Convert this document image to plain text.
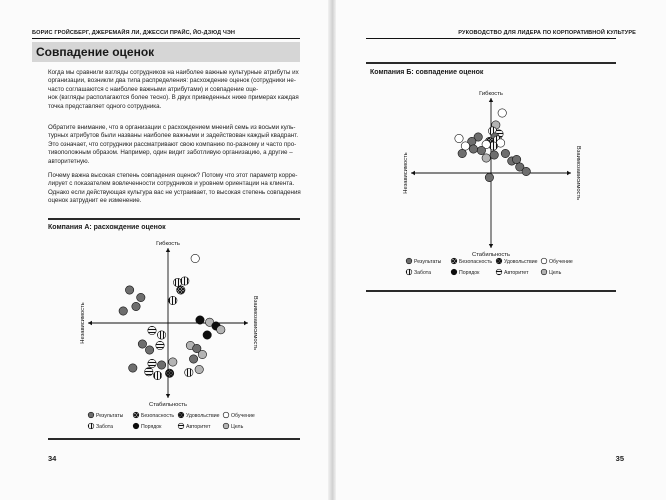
БОРИС ГРОЙСБЕРГ, ДЖЕРЕМАЙЯ ЛИ, ДЖЕССИ ПРАЙС, ЙО-ДЗЮД ЧЭН
Совпадение оценок
Когда мы сравнили взгляды сотрудников на наиболее важные культурные атрибуты их
организации, возникли два типа распределения: расхождение оценок (сотрудники не-
часто соглашаются с наиболее важными атрибутами) и совпадение оце-
нок (взгляды располагаются более тесно). В двух приведенных ниже примерах каждая
точка представляет одного сотрудника.
Обратите внимание, что в организации с расхождением мнений семь из восьми куль-
турных атрибутов были названы наиболее важными и задействован каждый квадрант.
Это означает, что сотрудники рассматривают свою компанию по-разному и часто про-
тивоположным образом. Например, один видит заботливую организацию, а другие –
авторитетную.
Почему важна высокая степень совпадения оценок? Потому что этот параметр корре-
лирует с показателем вовлеченности сотрудников и уровнем ориентации на клиента.
Однако если действующая культура вас не устраивает, то высокая степень совпадения
оценок затруднит ее изменение.
Компания А: расхождение оценок
Гибкость
Стабильность
Независимость	Взаимозависимость
Результаты	Безопасность Удовольствие Обучение
Забота	Порядок	Авторитет	Цель
34
РУКОВОДСТВО ДЛЯ ЛИДЕРА ПО КОРПОРАТИВНОЙ КУЛЬТУРЕ
Компания Б: совпадение оценок
Гибкость
Стабильность
Независимость	Взаимозависимость
Результаты	Безопасность Удовольствие Обучение
Забота	Порядок	Авторитет	Цель
35
